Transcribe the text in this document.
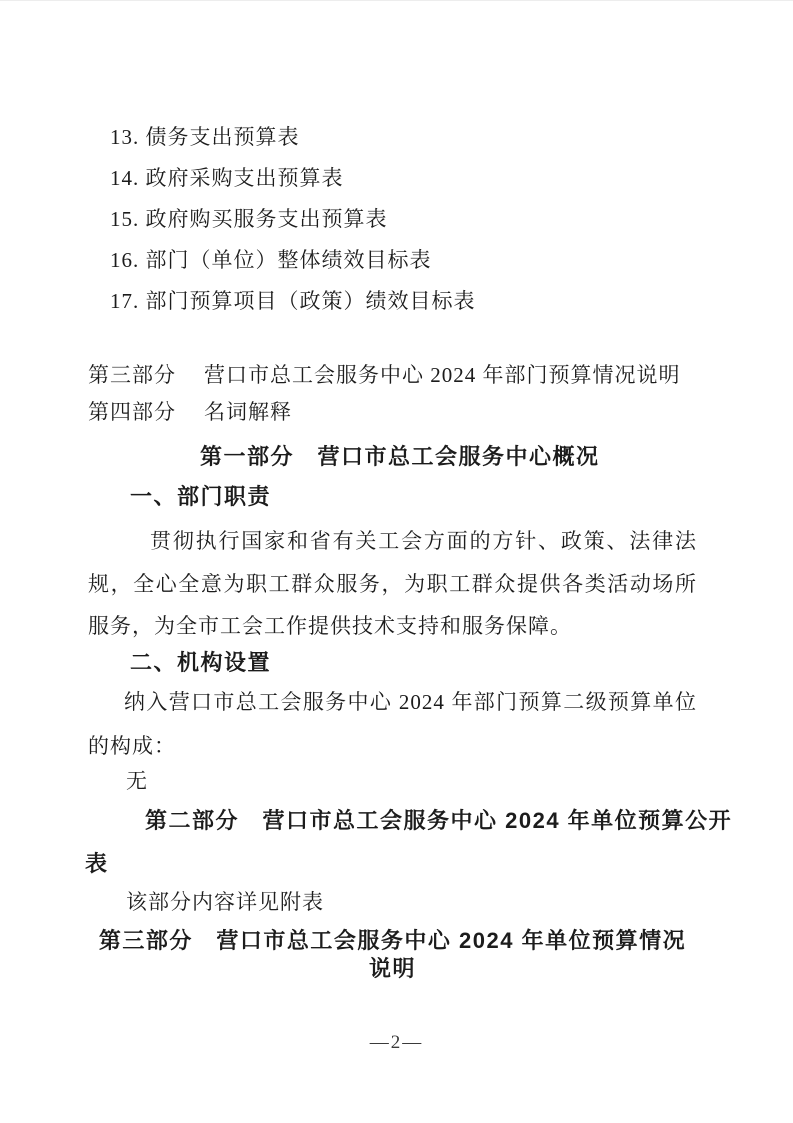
13. 债务支出预算表
14. 政府采购支出预算表
15. 政府购买服务支出预算表
16. 部门（单位）整体绩效目标表
17. 部门预算项目（政策）绩效目标表
第三部分 营口市总工会服务中心 2024 年部门预算情况说明
第四部分 名词解释
第一部分　营口市总工会服务中心概况
一、部门职责
贯彻执行国家和省有关工会方面的方针、政策、法律法规，全心全意为职工群众服务，为职工群众提供各类活动场所服务，为全市工会工作提供技术支持和服务保障。
二、机构设置
纳入营口市总工会服务中心 2024 年部门预算二级预算单位的构成：
无
第二部分　营口市总工会服务中心 2024 年单位预算公开
表
该部分内容详见附表
第三部分　营口市总工会服务中心 2024 年单位预算情况说明
—2—
